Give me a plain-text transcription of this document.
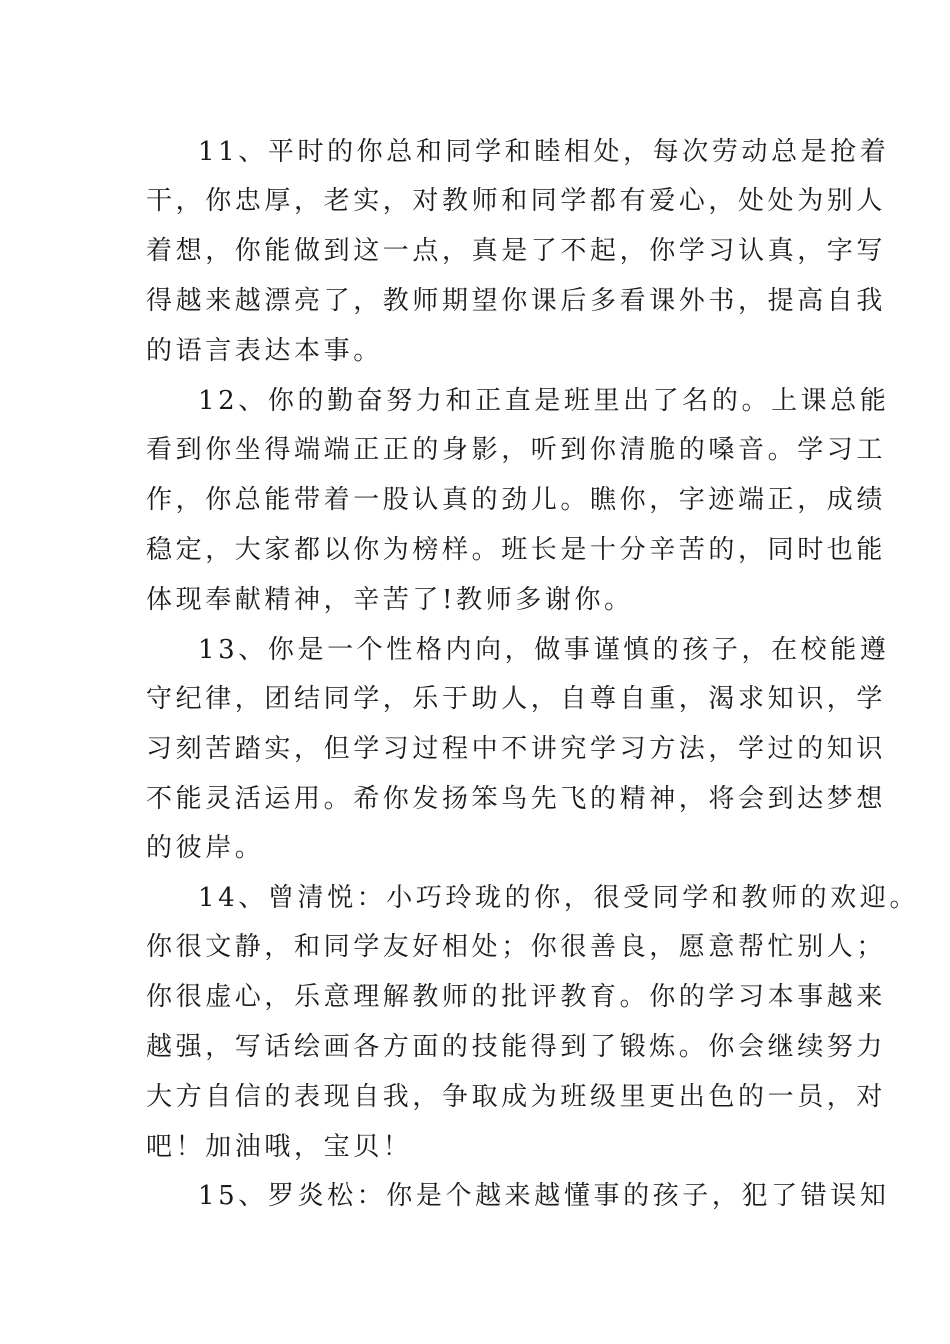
11、平时的你总和同学和睦相处，每次劳动总是抢着
干，你忠厚，老实，对教师和同学都有爱心，处处为别人
着想，你能做到这一点，真是了不起，你学习认真，字写
得越来越漂亮了，教师期望你课后多看课外书，提高自我
的语言表达本事。
12、你的勤奋努力和正直是班里出了名的。上课总能
看到你坐得端端正正的身影，听到你清脆的嗓音。学习工
作，你总能带着一股认真的劲儿。瞧你，字迹端正，成绩
稳定，大家都以你为榜样。班长是十分辛苦的，同时也能
体现奉献精神，辛苦了!教师多谢你。
13、你是一个性格内向，做事谨慎的孩子，在校能遵
守纪律，团结同学，乐于助人，自尊自重，渴求知识，学
习刻苦踏实，但学习过程中不讲究学习方法，学过的知识
不能灵活运用。希你发扬笨鸟先飞的精神，将会到达梦想
的彼岸。
14、曾清悦：小巧玲珑的你，很受同学和教师的欢迎。
你很文静，和同学友好相处；你很善良，愿意帮忙别人；
你很虚心，乐意理解教师的批评教育。你的学习本事越来
越强，写话绘画各方面的技能得到了锻炼。你会继续努力
大方自信的表现自我，争取成为班级里更出色的一员，对
吧！加油哦，宝贝！
15、罗炎松：你是个越来越懂事的孩子，犯了错误知
